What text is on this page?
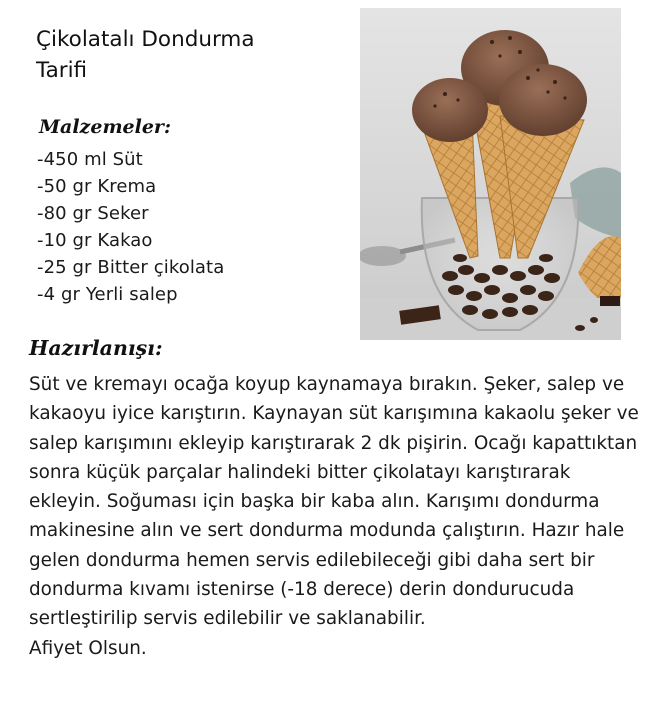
Çikolatalı Dondurma
Tarifi
Malzemeler:
-450 ml Süt
-50 gr Krema
-80 gr Seker
-10 gr Kakao
-25 gr Bitter çikolata
-4 gr Yerli salep
Hazırlanışı:

Süt ve kremayı ocağa koyup kaynamaya bırakın. Şeker, salep ve kakaoyu iyice karıştırın. Kaynayan süt karışımına kakaolu şeker ve salep karışımını ekleyip karıştırarak 2 dk pişirin. Ocağı kapattıktan sonra küçük parçalar halindeki bitter çikolatayı karıştırarak ekleyin. Soğuması için başka bir kaba alın. Karışımı dondurma makinesine alın ve sert dondurma modunda çalıştırın. Hazır hale gelen dondurma hemen servis edilebileceği gibi daha sert bir dondurma kıvamı istenirse (-18 derece) derin dondurucuda sertleştirilip servis edilebilir ve saklanabilir.

Afiyet Olsun.
